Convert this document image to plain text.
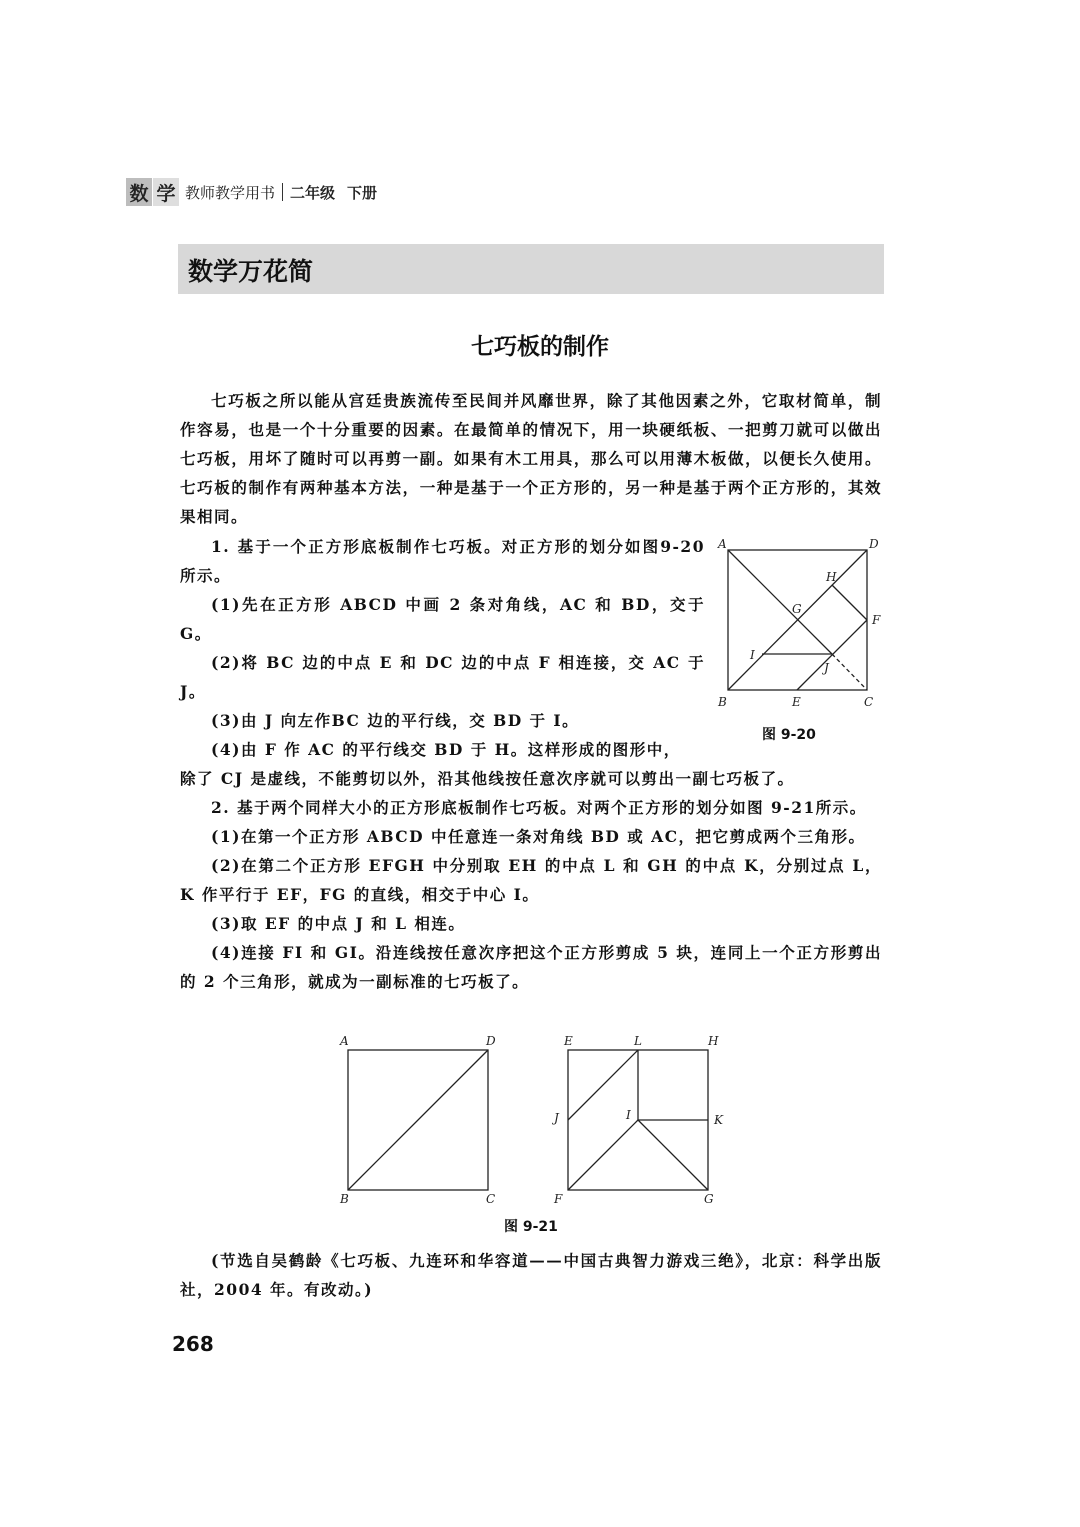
数 学 教师教学用书 二年级 下册
数学万花简
七巧板的制作
七巧板之所以能从宫廷贵族流传至民间并风靡世界，除了其他因素之外，它取材简单，制作容易，也是一个十分重要的因素。在最简单的情况下，用一块硬纸板、一把剪刀就可以做出七巧板，用坏了随时可以再剪一副。如果有木工用具，那么可以用薄木板做，以便长久使用。七巧板的制作有两种基本方法，一种是基于一个正方形的，另一种是基于两个正方形的，其效果相同。

1. 基于一个正方形底板制作七巧板。对正方形的划分如图9-20所示。

(1)先在正方形 ABCD 中画 2 条对角线，AC 和 BD，交于G。

(2)将 BC 边的中点 E 和 DC 边的中点 F 相连接，交 AC 于J。

(3)由 J 向左作BC 边的平行线，交 BD 于 I。

(4)由 F 作 AC 的平行线交 BD 于 H。这样形成的图形中，

除了 CJ 是虚线，不能剪切以外，沿其他线按任意次序就可以剪出一副七巧板了。
A	D
H
G
F
I
J
B	E	C
图 9-20

2. 基于两个同样大小的正方形底板制作七巧板。对两个正方形的划分如图 9-21所示。

(1)在第一个正方形 ABCD 中任意连一条对角线 BD 或 AC，把它剪成两个三角形。

(2)在第二个正方形 EFGH 中分别取 EH 的中点 L 和 GH 的中点 K，分别过点 L，K 作平行于 EF，FG 的直线，相交于中心 I。

(3)取 EF 的中点 J 和 L 相连。

(4)连接 FI 和 GI。沿连线按任意次序把这个正方形剪成 5 块，连同上一个正方形剪出的 2 个三角形，就成为一副标准的七巧板了。

A	D
B	C
E	L	H
J	I	K
F	G
图 9-21
(节选自吴鹤龄《七巧板、九连环和华容道——中国古典智力游戏三绝》，北京：科学出版社，2004 年。有改动。)
268
